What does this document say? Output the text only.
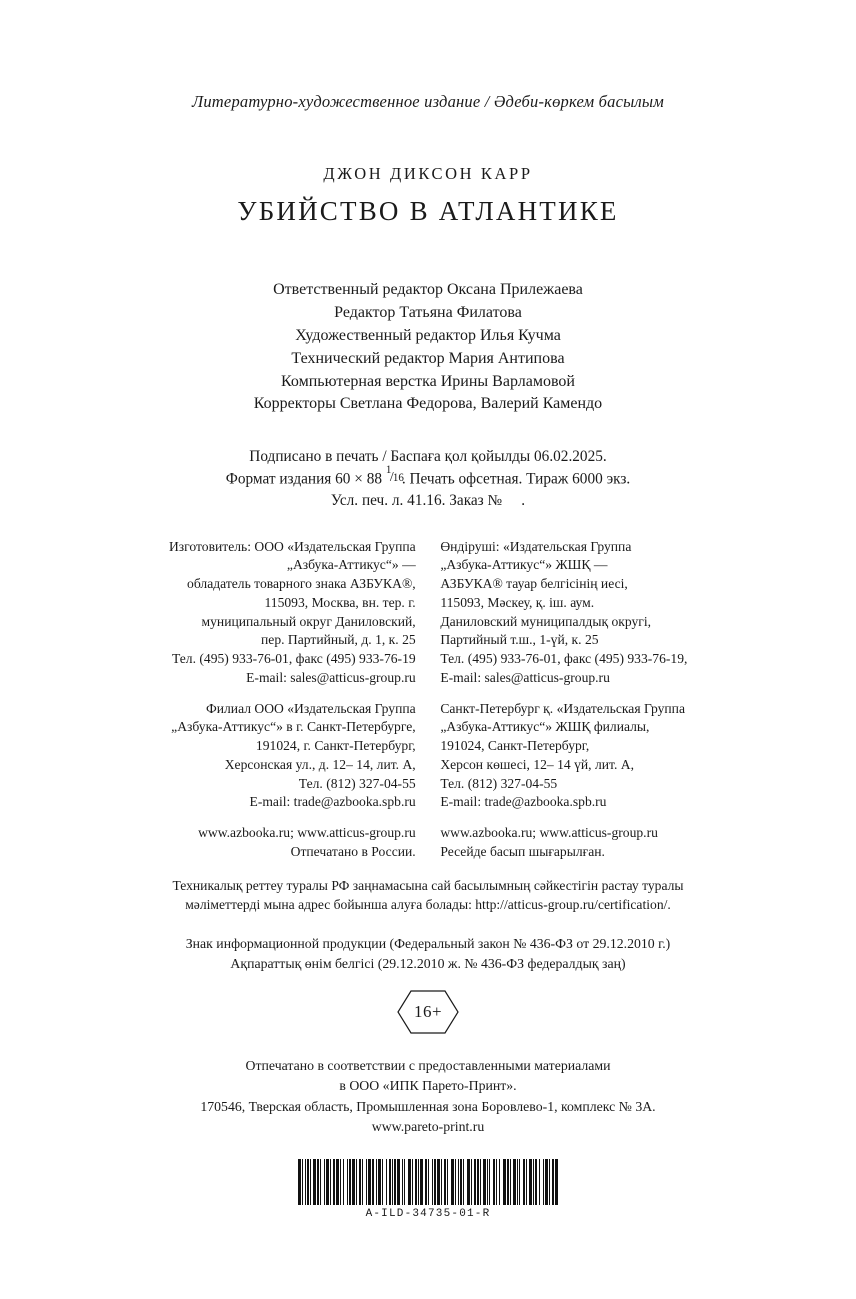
Литературно-художественное издание / Әдеби-көркем басылым
ДЖОН ДИКСОН КАРР
УБИЙСТВО В АТЛАНТИКЕ
Ответственный редактор Оксана Прилежаева
Редактор Татьяна Филатова
Художественный редактор Илья Кучма
Технический редактор Мария Антипова
Компьютерная верстка Ирины Варламовой
Корректоры Светлана Федорова, Валерий Камендо
Подписано в печать / Баспаға қол қойылды 06.02.2025.
Формат издания 60 × 88 1
/ 16
. Печать офсетная. Тираж 6000 экз.
Усл. печ. л. 41.16. Заказ №     .
Изготовитель: ООО «Издательская Группа
„Азбука-Аттикус“» —
обладатель товарного знака АЗБУКА®,
115093, Москва, вн. тер. г.
муниципальный округ Даниловский,
пер. Партийный, д. 1, к. 25
Тел. (495) 933-76-01, факс (495) 933-76-19
E-mail: sales@atticus-group.ru
Филиал ООО «Издательская Группа
„Азбука-Аттикус“» в г. Санкт-Петербурге,
191024, г. Санкт-Петербург,
Херсонская ул., д. 12– 14, лит. А,
Тел. (812) 327-04-55
E-mail: trade@azbooka.spb.ru
www.azbooka.ru; www.atticus-group.ru
Отпечатано в России.
Өндіруші: «Издательская Группа
„Азбука-Аттикус“» ЖШҚ —
АЗБУКА® тауар белгісінің иесі,
115093, Мәскеу, қ. іш. аум.
Даниловский муниципалдық округі,
Партийный т.ш., 1-үй, к. 25
Тел. (495) 933-76-01, факс (495) 933-76-19,
E-mail: sales@atticus-group.ru
Санкт-Петербург қ. «Издательская Группа
„Азбука-Аттикус“» ЖШҚ филиалы,
191024, Санкт-Петербург,
Херсон көшесі, 12– 14 үй, лит. А,
Тел. (812) 327-04-55
E-mail: trade@azbooka.spb.ru
www.azbooka.ru; www.atticus-group.ru
Ресейде басып шығарылған.
Техникалық реттеу туралы РФ заңнамасына сай басылымның сәйкестігін растау туралы
мәліметтерді мына адрес бойынша алуға болады: http://atticus-group.ru/certification/.
Знак информационной продукции (Федеральный закон № 436-ФЗ от 29.12.2010 г.)
Ақпараттық өнім белгісі (29.12.2010 ж. № 436-ФЗ федералдық заң)
16+
Отпечатано в соответствии с предоставленными материалами
в ООО «ИПК Парето-Принт».
170546, Тверская область, Промышленная зона Боровлево-1, комплекс № 3А.
www.pareto-print.ru
A-ILD-34735-01-R
